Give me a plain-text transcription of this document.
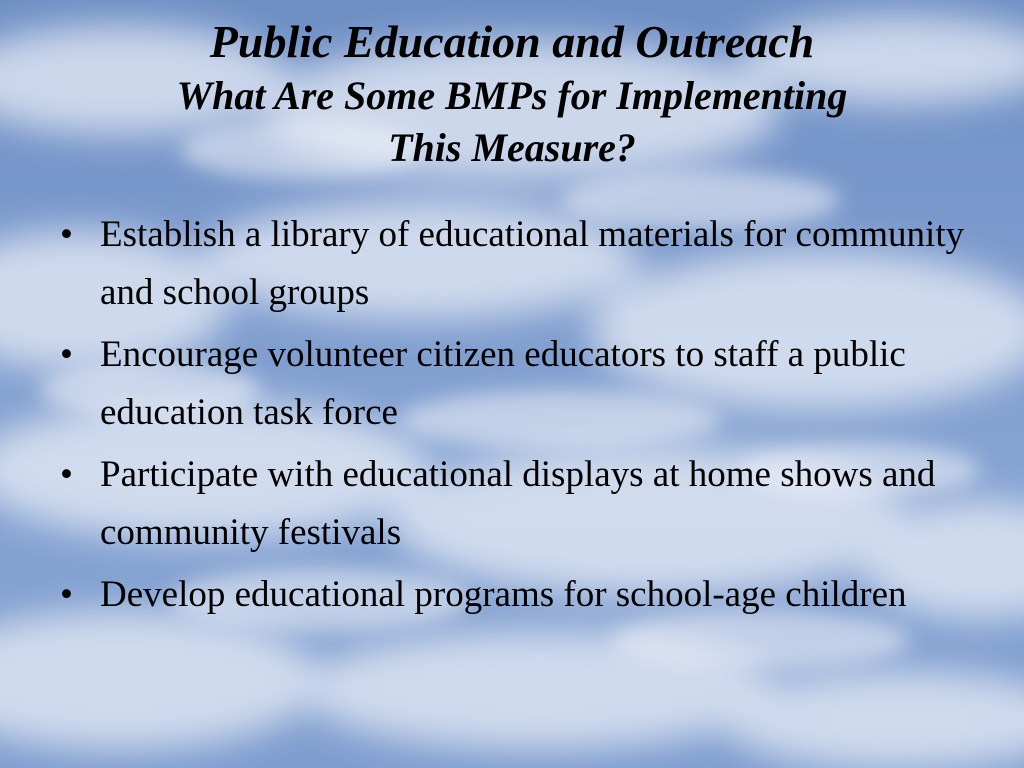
Public Education and Outreach

What Are Some BMPs for Implementing

This Measure?

• Establish a library of educational materials for community and school groups
• Encourage volunteer citizen educators to staff a public education task force
• Participate with educational displays at home shows and community festivals
• Develop educational programs for school-age children
